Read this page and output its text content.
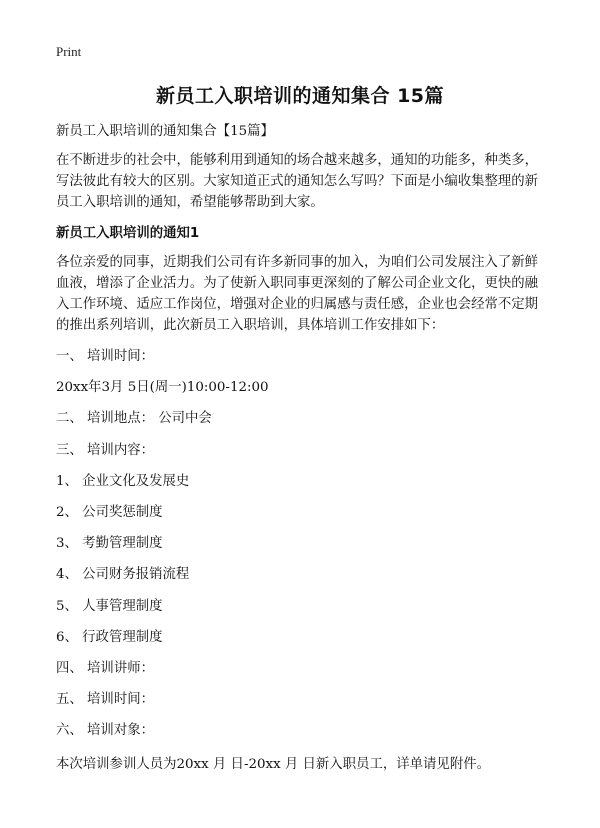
Print
新员工入职培训的通知集合 15篇

新员工入职培训的通知集合【15篇】

在不断进步的社会中，能够利用到通知的场合越来越多，通知的功能多，种类多，写法彼此有较大的区别。大家知道正式的通知怎么写吗？下面是小编收集整理的新员工入职培训的通知，希望能够帮助到大家。

新员工入职培训的通知1

各位亲爱的同事，近期我们公司有许多新同事的加入，为咱们公司发展注入了新鲜血液，增添了企业活力。为了使新入职同事更深刻的了解公司企业文化，更快的融入工作环境、适应工作岗位，增强对企业的归属感与责任感，企业也会经常不定期的推出系列培训，此次新员工入职培训，具体培训工作安排如下：

一、 培训时间：

20xx年3月 5日(周一)10:00-12:00

二、 培训地点： 公司中会

三、 培训内容：

1、 企业文化及发展史

2、 公司奖惩制度

3、 考勤管理制度

4、 公司财务报销流程

5、 人事管理制度

6、 行政管理制度

四、 培训讲师：

五、 培训时间：

六、 培训对象：

本次培训参训人员为20xx 月 日-20xx 月 日新入职员工，详单请见附件。
